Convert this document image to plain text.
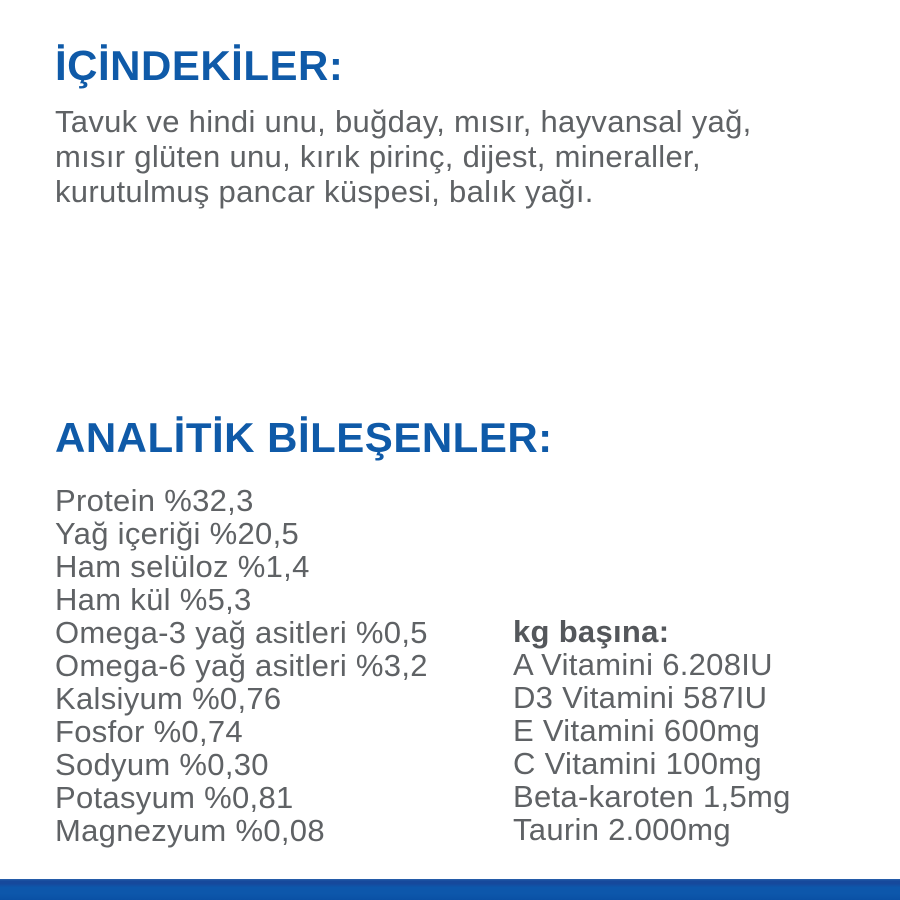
İÇİNDEKİLER:
Tavuk ve hindi unu, buğday, mısır, hayvansal yağ,
mısır glüten unu, kırık pirinç, dijest, mineraller,
kurutulmuş pancar küspesi, balık yağı.
ANALİTİK BİLEŞENLER:
Protein %32,3
Yağ içeriği %20,5
Ham selüloz %1,4
Ham kül %5,3
Omega-3 yağ asitleri %0,5
Omega-6 yağ asitleri %3,2
Kalsiyum %0,76
Fosfor %0,74
Sodyum %0,30
Potasyum %0,81
Magnezyum %0,08
kg başına:
A Vitamini 6.208IU
D3 Vitamini 587IU
E Vitamini 600mg
C Vitamini 100mg
Beta-karoten 1,5mg
Taurin 2.000mg
